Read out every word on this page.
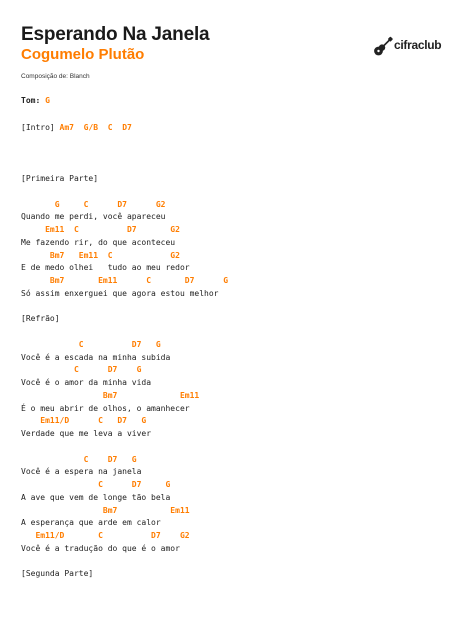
Esperando Na Janela
Cogumelo Plutão
Composição de: Blanch
cifraclub
Tom: G
[Intro] Am7 G/B C D7
[Primeira Parte]
G     C      D7      G2
Quando me perdi, você apareceu
Em11  C          D7       G2
Me fazendo rir, do que aconteceu
Bm7   Em11  C            G2
E de medo olhei   tudo ao meu redor
Bm7       Em11      C       D7      G
Só assim enxerguei que agora estou melhor
[Refrão]
C          D7   G
Você é a escada na minha subida
C      D7    G
Você é o amor da minha vida
Bm7             Em11
É o meu abrir de olhos, o amanhecer
Em11/D      C   D7   G
Verdade que me leva a viver
C    D7   G
Você é a espera na janela
C      D7     G
A ave que vem de longe tão bela
Bm7           Em11
A esperança que arde em calor
Em11/D       C          D7    G2
Você é a tradução do que é o amor
[Segunda Parte]
